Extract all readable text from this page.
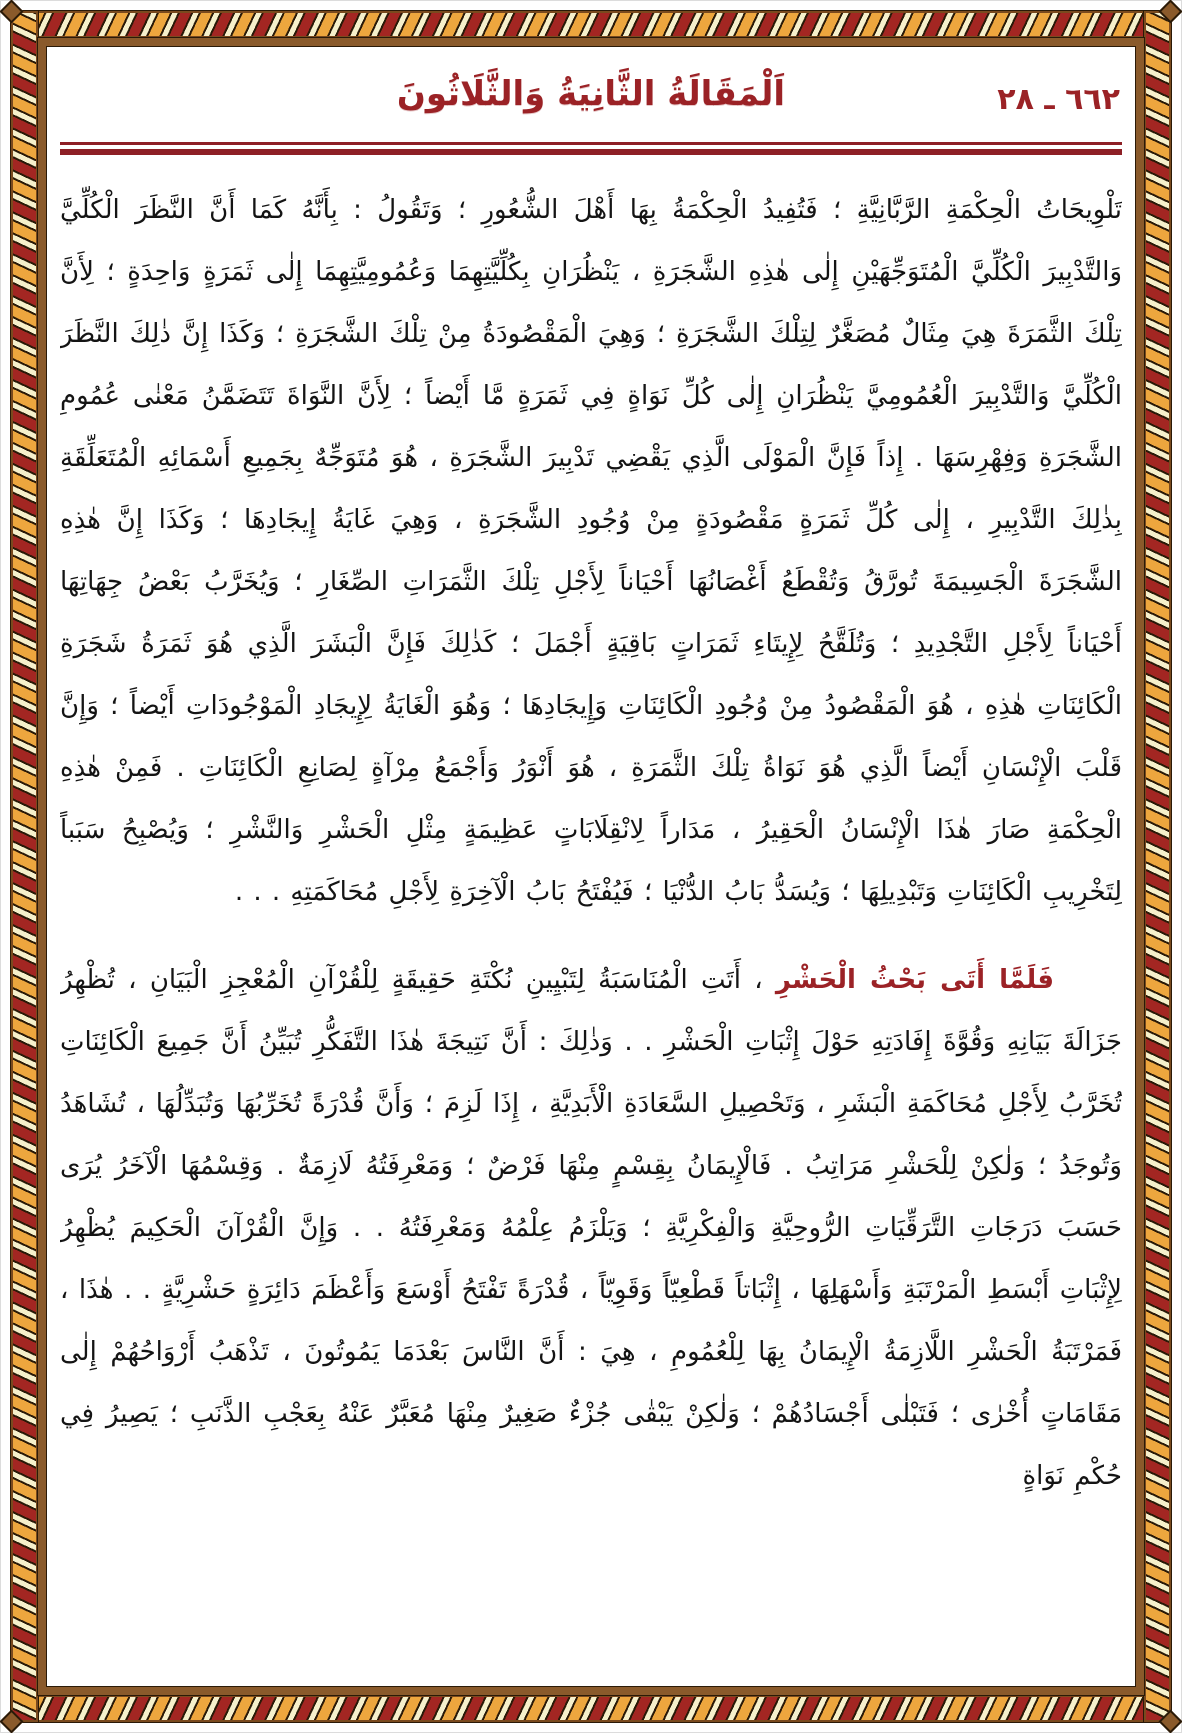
٦٦٢ ـ ٢٨
اَلْمَقَالَةُ الثَّانِيَةُ وَالثَّلَاثُونَ

تَلْوِيحَاتُ الْحِكْمَةِ الرَّبَّانِيَّةِ ؛ فَتُفِيدُ الْحِكْمَةُ بِهَا أَهْلَ الشُّعُورِ ؛ وَتَقُولُ : بِأَنَّهُ كَمَا أَنَّ النَّظَرَ الْكُلِّيَّ وَالتَّدْبِيرَ الْكُلِّيَّ الْمُتَوَجِّهَيْنِ إِلٰى هٰذِهِ الشَّجَرَةِ ، يَنْظُرَانِ بِكُلِّيَّتِهِمَا وَعُمُومِيَّتِهِمَا إِلٰى ثَمَرَةٍ وَاحِدَةٍ ؛ لِأَنَّ تِلْكَ الثَّمَرَةَ هِيَ مِثَالٌ مُصَغَّرٌ لِتِلْكَ الشَّجَرَةِ ؛ وَهِيَ الْمَقْصُودَةُ مِنْ تِلْكَ الشَّجَرَةِ ؛ وَكَذَا إِنَّ ذٰلِكَ النَّظَرَ الْكُلِّيَّ وَالتَّدْبِيرَ الْعُمُومِيَّ يَنْظُرَانِ إِلٰى كُلِّ نَوَاةٍ فِي ثَمَرَةٍ مَّا أَيْضاً ؛ لِأَنَّ النَّوَاةَ تَتَضَمَّنُ مَعْنٰى عُمُومِ الشَّجَرَةِ وَفِهْرِسَهَا . إِذاً فَإِنَّ الْمَوْلَى الَّذِي يَقْضِي تَدْبِيرَ الشَّجَرَةِ ، هُوَ مُتَوَجِّهٌ بِجَمِيعِ أَسْمَائِهِ الْمُتَعَلِّقَةِ بِذٰلِكَ التَّدْبِيرِ ، إِلٰى كُلِّ ثَمَرَةٍ مَقْصُودَةٍ مِنْ وُجُودِ الشَّجَرَةِ ، وَهِيَ غَايَةُ إِيجَادِهَا ؛ وَكَذَا إِنَّ هٰذِهِ الشَّجَرَةَ الْجَسِيمَةَ تُورَّقُ وَتُقْطَعُ أَغْصَانُهَا أَحْيَاناً لِأَجْلِ تِلْكَ الثَّمَرَاتِ الصِّغَارِ ؛ وَيُخَرَّبُ بَعْضُ جِهَاتِهَا أَحْيَاناً لِأَجْلِ التَّجْدِيدِ ؛ وَتُلَقَّحُ لِإِيتَاءِ ثَمَرَاتٍ بَاقِيَةٍ أَجْمَلَ ؛ كَذٰلِكَ فَإِنَّ الْبَشَرَ الَّذِي هُوَ ثَمَرَةُ شَجَرَةِ الْكَائِنَاتِ هٰذِهِ ، هُوَ الْمَقْصُودُ مِنْ وُجُودِ الْكَائِنَاتِ وَإِيجَادِهَا ؛ وَهُوَ الْغَايَةُ لِإِيجَادِ الْمَوْجُودَاتِ أَيْضاً ؛ وَإِنَّ قَلْبَ الْإِنْسَانِ أَيْضاً الَّذِي هُوَ نَوَاةُ تِلْكَ الثَّمَرَةِ ، هُوَ أَنْوَرُ وَأَجْمَعُ مِرْآةٍ لِصَانِعِ الْكَائِنَاتِ . فَمِنْ هٰذِهِ الْحِكْمَةِ صَارَ هٰذَا الْإِنْسَانُ الْحَقِيرُ ، مَدَاراً لِانْقِلَابَاتٍ عَظِيمَةٍ مِثْلِ الْحَشْرِ وَالنَّشْرِ ؛ وَيُصْبِحُ سَبَباً لِتَخْرِيبِ الْكَائِنَاتِ وَتَبْدِيلِهَا ؛ وَيُسَدُّ بَابُ الدُّنْيَا ؛ فَيُفْتَحُ بَابُ الْآخِرَةِ لِأَجْلِ مُحَاكَمَتِهِ . . .

فَلَمَّا أَتَى بَحْثُ الْحَشْرِ ، أَتَتِ الْمُنَاسَبَةُ لِتَبْيِينِ نُكْتَةِ حَقِيقَةٍ لِلْقُرْآنِ الْمُعْجِزِ الْبَيَانِ ، تُظْهِرُ جَزَالَةَ بَيَانِهِ وَقُوَّةَ إِفَادَتِهِ حَوْلَ إِثْبَاتِ الْحَشْرِ . . وَذٰلِكَ : أَنَّ نَتِيجَةَ هٰذَا التَّفَكُّرِ تُبَيِّنُ أَنَّ جَمِيعَ الْكَائِنَاتِ تُخَرَّبُ لِأَجْلِ مُحَاكَمَةِ الْبَشَرِ ، وَتَحْصِيلِ السَّعَادَةِ الْأَبَدِيَّةِ ، إِذَا لَزِمَ ؛ وَأَنَّ قُدْرَةً تُخَرِّبُهَا وَتُبَدِّلُهَا ، تُشَاهَدُ وَتُوجَدُ ؛ وَلٰكِنْ لِلْحَشْرِ مَرَاتِبُ . فَالْإِيمَانُ بِقِسْمٍ مِنْهَا فَرْضٌ ؛ وَمَعْرِفَتُهُ لَازِمَةٌ . وَقِسْمُهَا الْآخَرُ يُرَى حَسَبَ دَرَجَاتِ التَّرَقِّيَاتِ الرُّوحِيَّةِ وَالْفِكْرِيَّةِ ؛ وَيَلْزَمُ عِلْمُهُ وَمَعْرِفَتُهُ . . وَإِنَّ الْقُرْآنَ الْحَكِيمَ يُظْهِرُ لِإِثْبَاتِ أَبْسَطِ الْمَرْتَبَةِ وَأَسْهَلِهَا ، إِثْبَاتاً قَطْعِيّاً وَقَوِيّاً ، قُدْرَةً تَفْتَحُ أَوْسَعَ وَأَعْظَمَ دَائِرَةٍ حَشْرِيَّةٍ . . هٰذَا ، فَمَرْتَبَةُ الْحَشْرِ اللَّازِمَةُ الْإِيمَانُ بِهَا لِلْعُمُومِ ، هِيَ : أَنَّ النَّاسَ بَعْدَمَا يَمُوتُونَ ، تَذْهَبُ أَرْوَاحُهُمْ إِلٰى مَقَامَاتٍ أُخْرٰى ؛ فَتَبْلٰى أَجْسَادُهُمْ ؛ وَلٰكِنْ يَبْقٰى جُزْءٌ صَغِيرٌ مِنْهَا مُعَبَّرٌ عَنْهُ بِعَجْبِ الذَّنَبِ ؛ يَصِيرُ فِي حُكْمِ نَوَاةٍ
